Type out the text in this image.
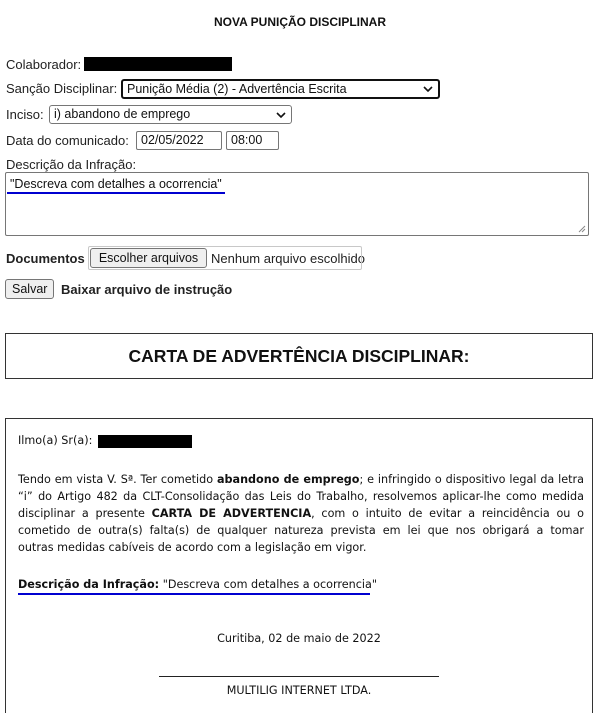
NOVA PUNIÇÃO DISCIPLINAR
Colaborador:
Sanção Disciplinar: Punição Média (2) - Advertência Escrita
Inciso: i) abandono de emprego
Data do comunicado: 02/05/2022	08:00
Descrição da Infração:
"Descreva com detalhes a ocorrencia"
Documentos	Escolher arquivos Nenhum arquivo escolhido
Salvar	Baixar arquivo de instrução
CARTA DE ADVERTÊNCIA DISCIPLINAR:
Ilmo(a) Sr(a):
Tendo em vista V. Sª. Ter cometido abandono de emprego; e infringido o dispositivo legal da letra
“i” do Artigo 482 da CLT-Consolidação das Leis do Trabalho, resolvemos aplicar-lhe como medida
disciplinar a presente CARTA DE ADVERTENCIA, com o intuito de evitar a reincidência ou o
cometido de outra(s) falta(s) de qualquer natureza prevista em lei que nos obrigará a tomar
outras medidas cabíveis de acordo com a legislação em vigor.
Descrição da Infração: "Descreva com detalhes a ocorrencia"
Curitiba, 02 de maio de 2022
MULTILIG INTERNET LTDA.
